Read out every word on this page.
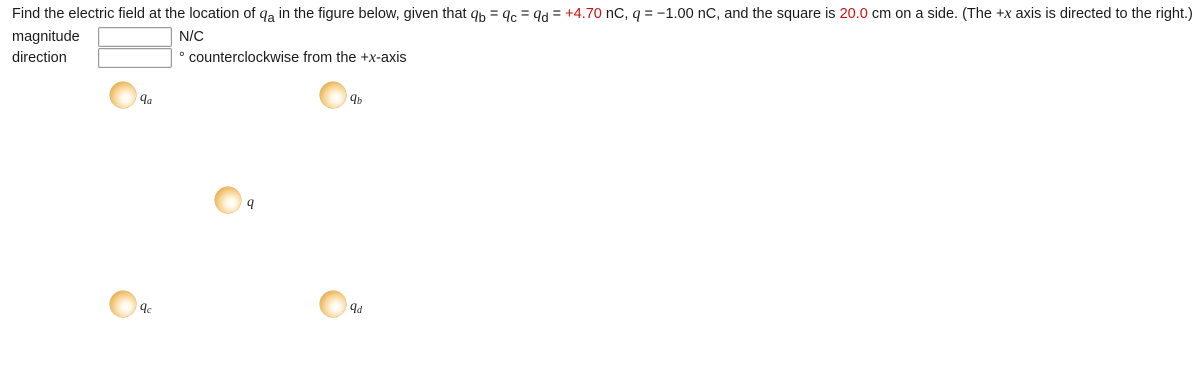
Find the electric field at the location of qa in the figure below, given that qb = qc = qd = +4.70 nC, q = −1.00 nC, and the square is 20.0 cm on a side. (The +x axis is directed to the right.)
magnitude	N/C
direction	° counterclockwise from the +x-axis
$q_a$	$q_b$
q
$q_c$	$q_d$
